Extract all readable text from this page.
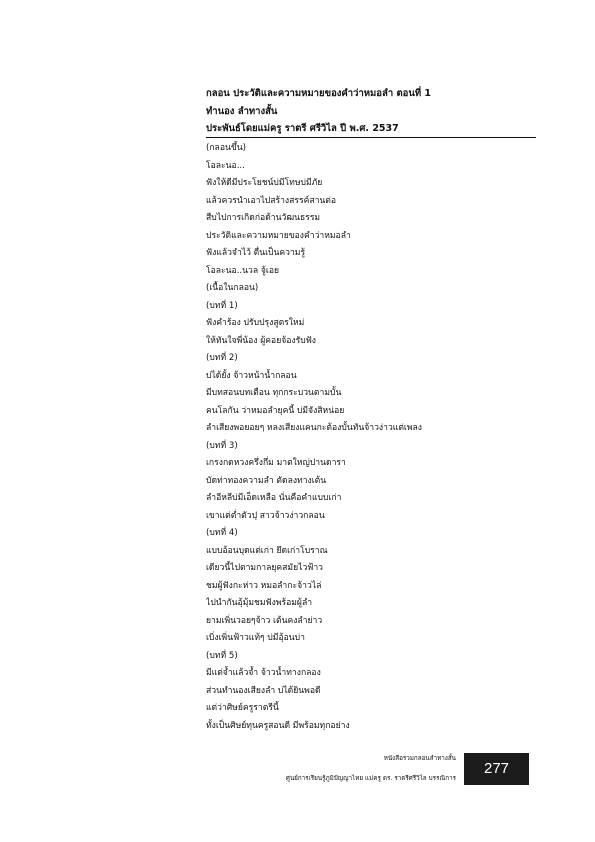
กลอน ประวัติและความหมายของคำว่าหมอลำ ตอนที่ 1
ทำนอง ลำทางสั้น
ประพันธ์โดยแม่ครู ราตรี ศรีวิไล ปี พ.ศ. 2537
(กลอนขึ้น)
โอละนอ...
ฟังให้ดีมีประโยชน์บ่มีโทษบ่มีภัย
แล้วควรนำเอาไปสร้างสรรค์สานต่อ
สืบไปการเกิดก่อด้านวัฒนธรรม
ประวัติและความหมายของคำว่าหมอลำ
ฟังแล้วจำไว้ ตื่นเป็นความรู้
โอละนอ..นวล จู้เอย
(เนื้อในกลอน)
(บทที่ 1)
ฟังคำร้อง ปรับปรุงสูตรใหม่
ให้ทันใจพี่น้อง ผู้คอยจ้องรับฟัง
(บทที่ 2)
บ่ได้ยั้ง จ้าวหน้าน้ำกลอน
มีบทสอนบทเตือน ทุกกระบวนตามบั้น
คนโลกัน ว่าหมอลำยุคนี้ บ่มีจังสิหน่อย
ลำเสียงพอยอยๆ หลงเสียงแคนกะต้องบั้นทันจ้าวง่าวแต่เพลง
(บทที่ 3)
เกรงกดหวงครึ่งกึ่ม มาตใหญ่ปานดารา
บัดท่าทองความลำ ตัดลงทางเต้น
ลำอีหลีบ่มีเอ็ดเหลือ นั่นคือคำแบบเก่า
เขาแต่ต่ำตัวปุ สาวจ้าวง่าวกลอน
(บทที่ 4)
แบบอ้อนบุดแต่เก่า ยึดเก่าโบราณ
เดียวนี้ไปตามกาลยุคสมัยไวฟ้าว
ชมผู้ฟังกะห่าว หมอลำกะจ้าวไล่
ไปนำกันอุ้มุ้มชมฟังพร้อมผู้ลำ
ยามเพิ่นวอยๆจ้าว เต้นคงลำย่าว
เบิ่งเพิ่นฟ้าวแท้ๆ บ่มีอุ้อนบ่า
(บทที่ 5)
มีแต่จ้ำแล้วจ้ำ จ้าวน้ำทางกลอง
ส่วนทำนองเสียงลำ บ่ได้ยินพอดี
แต่ว่าศิษย์ครูราตรีนี้
ทั้งเป็นศิษย์ทุนครูสอนดี มีพร้อมทุกอย่าง
หนังสือรวมกลอนลำทางสั้น
ศูนย์การเรียนรู้ภูมิปัญญาไทย แม่ครู ดร. ราตรีศรีวิไล บรรณิการ
277
